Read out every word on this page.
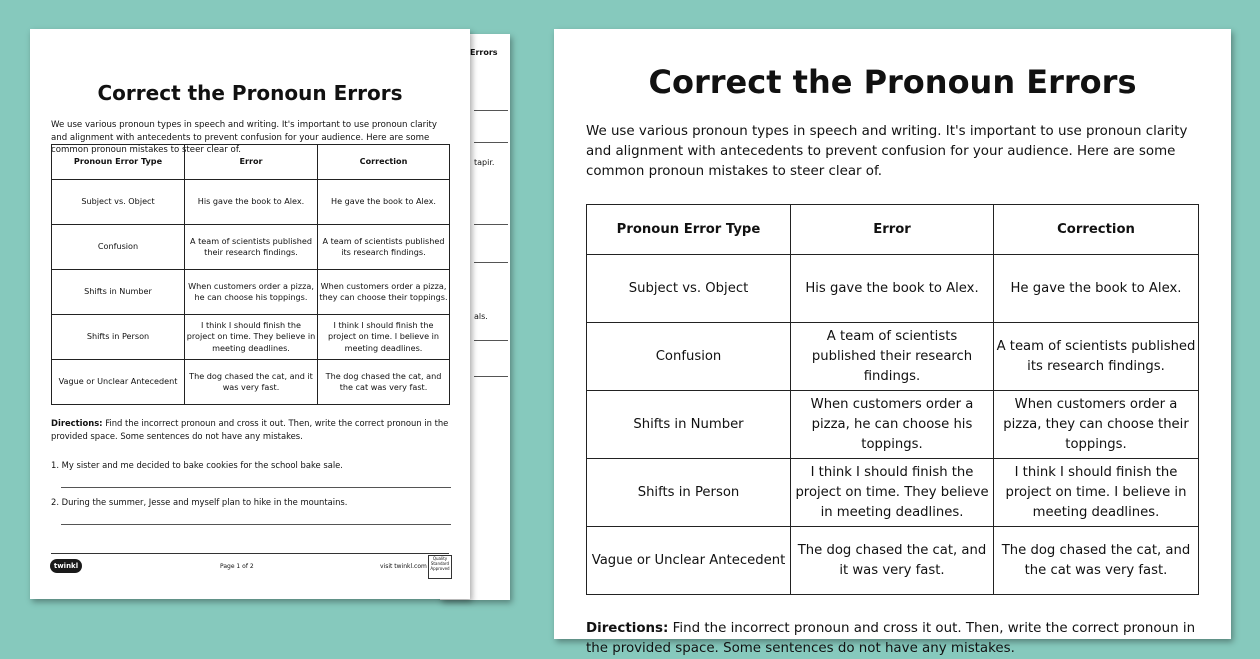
Errors
tapir.
als.
Correct the Pronoun Errors
We use various pronoun types in speech and writing. It's important to use pronoun clarity and alignment with antecedents to prevent confusion for your audience. Here are some common pronoun mistakes to steer clear of.
Pronoun Error Type	Error	Correction
Subject vs. Object	His gave the book to Alex.	He gave the book to Alex.
Confusion	A team of scientists published their research findings.	A team of scientists published its research findings.
Shifts in Number	When customers order a pizza, he can choose his toppings.	When customers order a pizza, they can choose their toppings.
Shifts in Person	I think I should finish the project on time. They believe in meeting deadlines.	I think I should finish the project on time. I believe in meeting deadlines.
Vague or Unclear Antecedent	The dog chased the cat, and it was very fast.	The dog chased the cat, and the cat was very fast.
Directions: Find the incorrect pronoun and cross it out. Then, write the correct pronoun in the provided space. Some sentences do not have any mistakes.
1. My sister and me decided to bake cookies for the school bake sale.
2. During the summer, Jesse and myself plan to hike in the mountains.
twinkl	Page 1 of 2	visit twinkl.com
Quality Standard Approved
Correct the Pronoun Errors
We use various pronoun types in speech and writing. It's important to use pronoun clarity and alignment with antecedents to prevent confusion for your audience. Here are some common pronoun mistakes to steer clear of.
Pronoun Error Type	Error	Correction
Subject vs. Object	His gave the book to Alex.	He gave the book to Alex.
Confusion	A team of scientists published their research findings.	A team of scientists published its research findings.
Shifts in Number	When customers order a pizza, he can choose his toppings.	When customers order a pizza, they can choose their toppings.
Shifts in Person	I think I should finish the project on time. They believe in meeting deadlines.	I think I should finish the project on time. I believe in meeting deadlines.
Vague or Unclear Antecedent	The dog chased the cat, and it was very fast.	The dog chased the cat, and the cat was very fast.
Directions: Find the incorrect pronoun and cross it out. Then, write the correct pronoun in the provided space. Some sentences do not have any mistakes.
